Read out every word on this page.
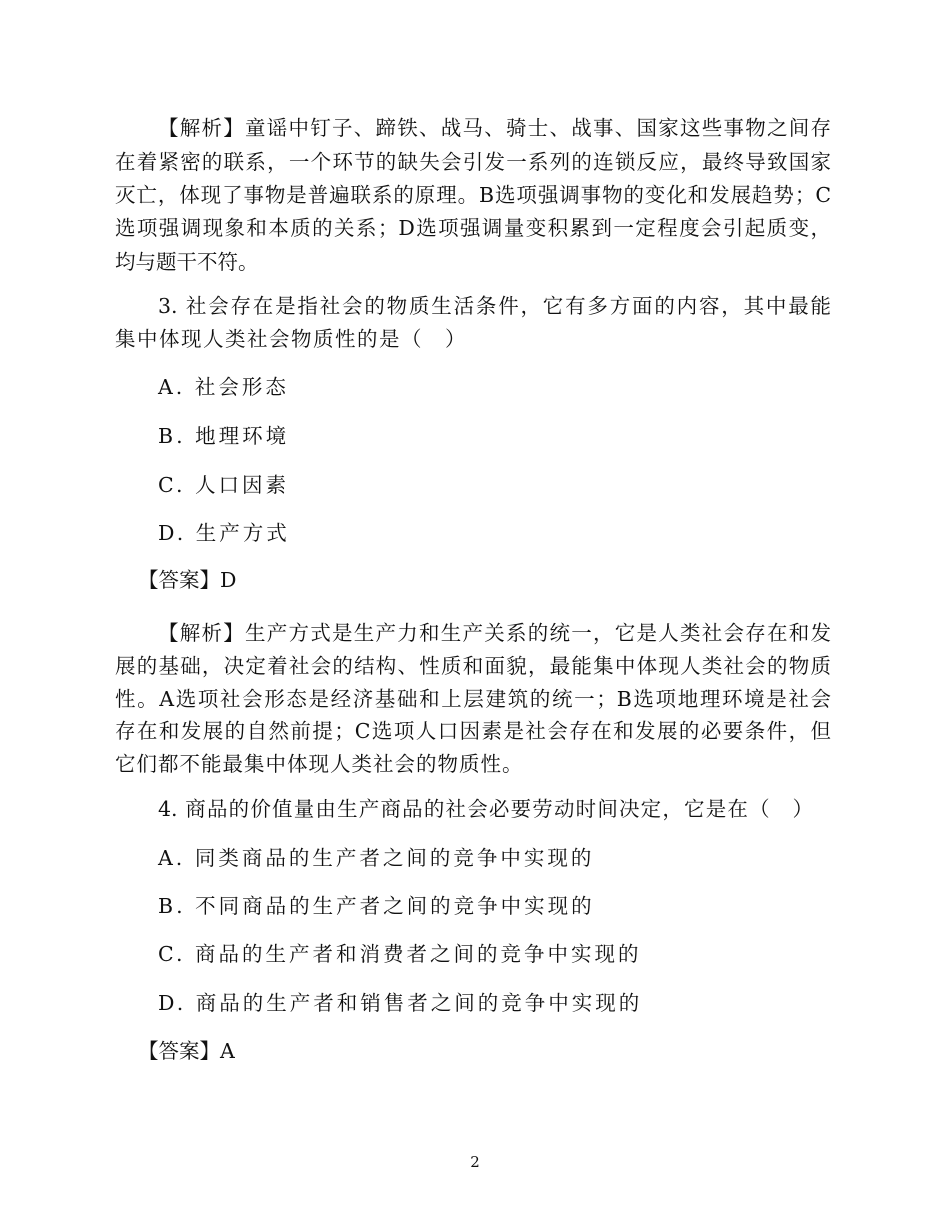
【解析】童谣中钉子、蹄铁、战马、骑士、战事、国家这些事物之间存
在着紧密的联系，一个环节的缺失会引发一系列的连锁反应，最终导致国家
灭亡，体现了事物是普遍联系的原理。B选项强调事物的变化和发展趋势；C
选项强调现象和本质的关系；D选项强调量变积累到一定程度会引起质变，
均与题干不符。
3. 社会存在是指社会的物质生活条件，它有多方面的内容，其中最能
集中体现人类社会物质性的是（　）
A. 社会形态
B. 地理环境
C. 人口因素
D. 生产方式
【答案】D
【解析】生产方式是生产力和生产关系的统一，它是人类社会存在和发
展的基础，决定着社会的结构、性质和面貌，最能集中体现人类社会的物质
性。A选项社会形态是经济基础和上层建筑的统一；B选项地理环境是社会
存在和发展的自然前提；C选项人口因素是社会存在和发展的必要条件，但
它们都不能最集中体现人类社会的物质性。
4. 商品的价值量由生产商品的社会必要劳动时间决定，它是在（　）
A. 同类商品的生产者之间的竞争中实现的
B. 不同商品的生产者之间的竞争中实现的
C. 商品的生产者和消费者之间的竞争中实现的
D. 商品的生产者和销售者之间的竞争中实现的
【答案】A
2
